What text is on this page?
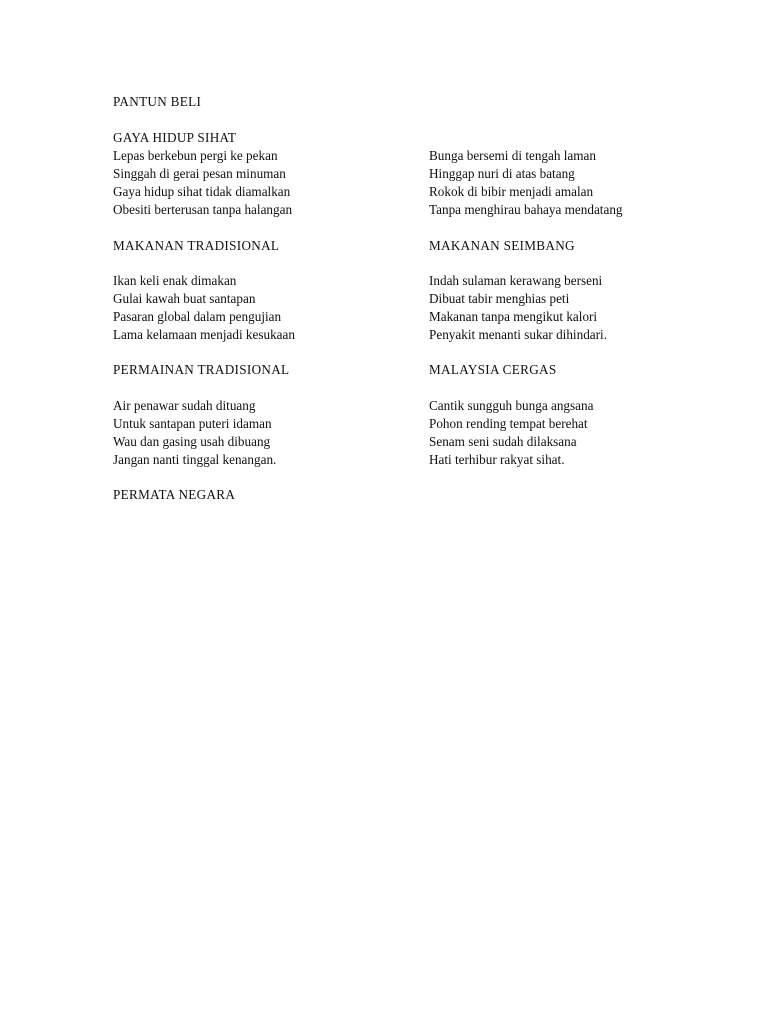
PANTUN BELI
GAYA HIDUP SIHAT
Lepas berkebun pergi ke pekan
Singgah di gerai pesan minuman
Gaya hidup sihat tidak diamalkan
Obesiti berterusan tanpa halangan
Bunga bersemi di tengah laman
Hinggap nuri di atas batang
Rokok di bibir menjadi amalan
Tanpa menghirau bahaya mendatang
MAKANAN TRADISIONAL
Ikan keli enak dimakan
Gulai kawah buat santapan
Pasaran global dalam pengujian
Lama kelamaan menjadi kesukaan
MAKANAN SEIMBANG
Indah sulaman kerawang berseni
Dibuat tabir menghias peti
Makanan tanpa mengikut kalori
Penyakit menanti sukar dihindari.
PERMAINAN TRADISIONAL
Air penawar sudah dituang
Untuk santapan puteri idaman
Wau dan gasing usah dibuang
Jangan nanti tinggal kenangan.
MALAYSIA CERGAS
Cantik sungguh bunga angsana
Pohon rending tempat berehat
Senam seni sudah dilaksana
Hati terhibur rakyat sihat.
PERMATA NEGARA
